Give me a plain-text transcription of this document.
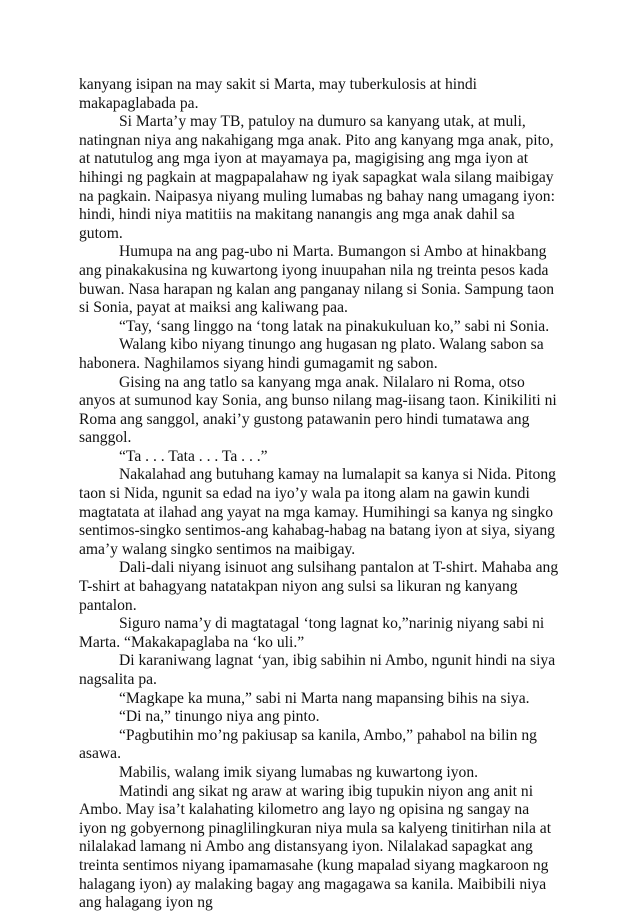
kanyang isipan na may sakit si Marta, may tuberkulosis at hindi makapaglabada pa.

Si Marta’y may TB, patuloy na dumuro sa kanyang utak, at muli, natingnan niya ang nakahigang mga anak. Pito ang kanyang mga anak, pito, at natutulog ang mga iyon at mayamaya pa, magigising ang mga iyon at hihingi ng pagkain at magpapalahaw ng iyak sapagkat wala silang maibigay na pagkain. Naipasya niyang muling lumabas ng bahay nang umagang iyon: hindi, hindi niya matitiis na makitang nanangis ang mga anak dahil sa gutom.

Humupa na ang pag-ubo ni Marta. Bumangon si Ambo at hinakbang ang pinakakusina ng kuwartong iyong inuupahan nila ng treinta pesos kada buwan. Nasa harapan ng kalan ang panganay nilang si Sonia. Sampung taon si Sonia, payat at maiksi ang kaliwang paa.

“Tay, ‘sang linggo na ‘tong latak na pinakukuluan ko,” sabi ni Sonia.

Walang kibo niyang tinungo ang hugasan ng plato. Walang sabon sa habonera. Naghilamos siyang hindi gumagamit ng sabon.

Gising na ang tatlo sa kanyang mga anak. Nilalaro ni Roma, otso anyos at sumunod kay Sonia, ang bunso nilang mag-iisang taon. Kinikiliti ni Roma ang sanggol, anaki’y gustong patawanin pero hindi tumatawa ang sanggol.

“Ta . . . Tata . . . Ta . . .”

Nakalahad ang butuhang kamay na lumalapit sa kanya si Nida. Pitong taon si Nida, ngunit sa edad na iyo’y wala pa itong alam na gawin kundi magtatata at ilahad ang yayat na mga kamay. Humihingi sa kanya ng singko sentimos-singko sentimos-ang kahabag-habag na batang iyon at siya, siyang ama’y walang singko sentimos na maibigay.

Dali-dali niyang isinuot ang sulsihang pantalon at T-shirt. Mahaba ang T-shirt at bahagyang natatakpan niyon ang sulsi sa likuran ng kanyang pantalon.

Siguro nama’y di magtatagal ‘tong lagnat ko,”narinig niyang sabi ni Marta. “Makakapaglaba na ‘ko uli.”

Di karaniwang lagnat ‘yan, ibig sabihin ni Ambo, ngunit hindi na siya nagsalita pa.

“Magkape ka muna,” sabi ni Marta nang mapansing bihis na siya.

“Di na,” tinungo niya ang pinto.

“Pagbutihin mo’ng pakiusap sa kanila, Ambo,” pahabol na bilin ng asawa.

Mabilis, walang imik siyang lumabas ng kuwartong iyon.

Matindi ang sikat ng araw at waring ibig tupukin niyon ang anit ni Ambo. May isa’t kalahating kilometro ang layo ng opisina ng sangay na iyon ng gobyernong pinaglilingkuran niya mula sa kalyeng tinitirhan nila at nilalakad lamang ni Ambo ang distansyang iyon. Nilalakad sapagkat ang treinta sentimos niyang ipamamasahe (kung mapalad siyang magkaroon ng halagang iyon) ay malaking bagay ang magagawa sa kanila. Maibibili niya ang halagang iyon ng
